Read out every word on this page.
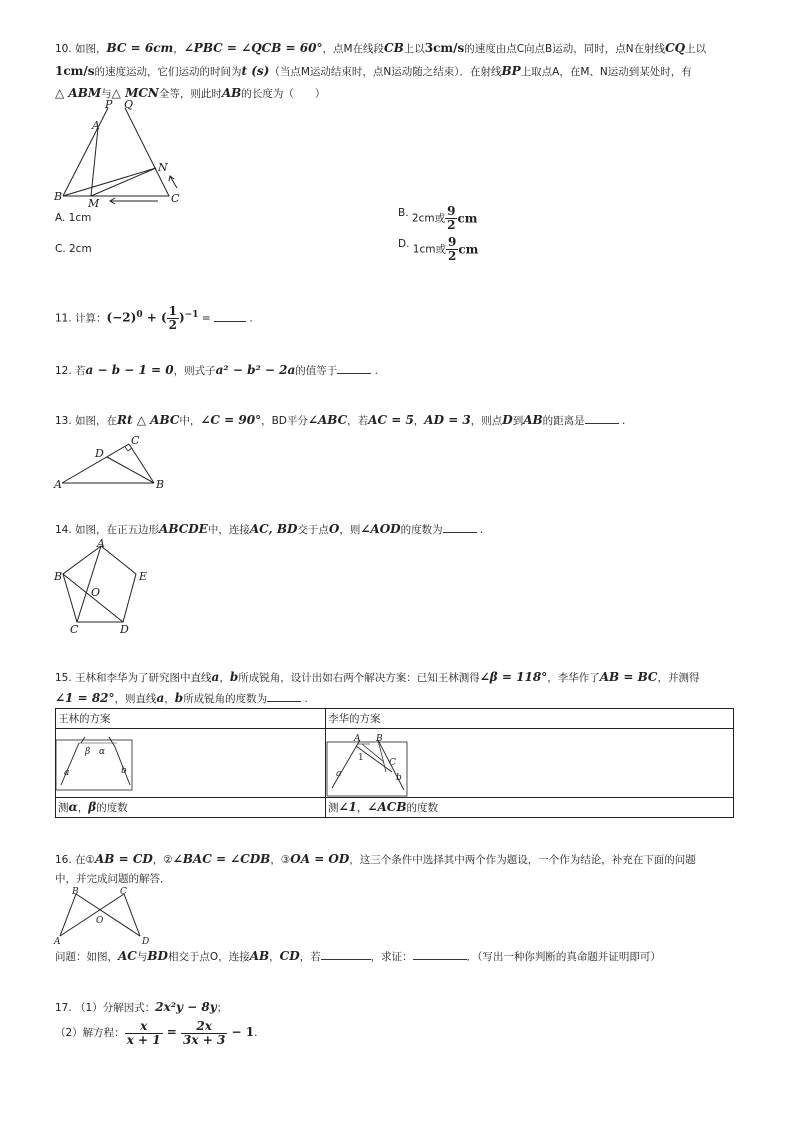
10. 如图，BC = 6cm，∠PBC = ∠QCB = 60°，点M在线段CB上以3cm/s的速度由点C向点B运动，同时，点N在射线CQ上以
1cm/s的速度运动，它们运动的时间为t (s)（当点M运动结束时，点N运动随之结束）．在射线BP上取点A，在M、N运动到某处时，有
△ ABM与△ MCN全等，则此时AB的长度为（　　）
P Q
A
N
B
M	C
A. 1cm
C. 2cm
B. 2cm或 $\frac{9}{2}$ cm
D. 1cm或 $\frac{9}{2}$ cm
11. 计算：$(-2)^0$ + ( $\frac{1}{2} )^{-1}$ =	.
12. 若a − b − 1 = 0，则式子a² − b² − 2a的值等于	.
13. 如图，在Rt △ ABC中，∠C = 90°，BD平分∠ABC，若AC = 5，AD = 3，则点D到AB的距离是	.
D
C
A	B
14. 如图，在正五边形ABCDE中，连接AC, BD交于点O，则∠AOD的度数为	.
A
B	E
O
C	D
15. 王林和李华为了研究图中直线a，b所成锐角，设计出如右两个解决方案：已知王林测得∠β = 118°，李华作了AB = BC，并测得
∠1 = 82°，则直线a，b所成锐角的度数为	.
王林的方案	李华的方案

测α，β的度数	测∠1，∠ACB的度数
β α
a	b
A B
1	C
a	b
16. 在①AB = CD，②∠BAC = ∠CDB，③OA = OD，这三个条件中选择其中两个作为题设，一个作为结论，补充在下面的问题
中，并完成问题的解答．
B	C
O
A	D
问题：如图，AC与BD相交于点O，连接AB，CD，若	，求证：	．（写出一种你判断的真命题并证明即可）
17. （1）分解因式：2x²y − 8y；
（2）解方程： $\frac{x}{x + 1} = \frac{2x}{3x + 3} - 1$.
